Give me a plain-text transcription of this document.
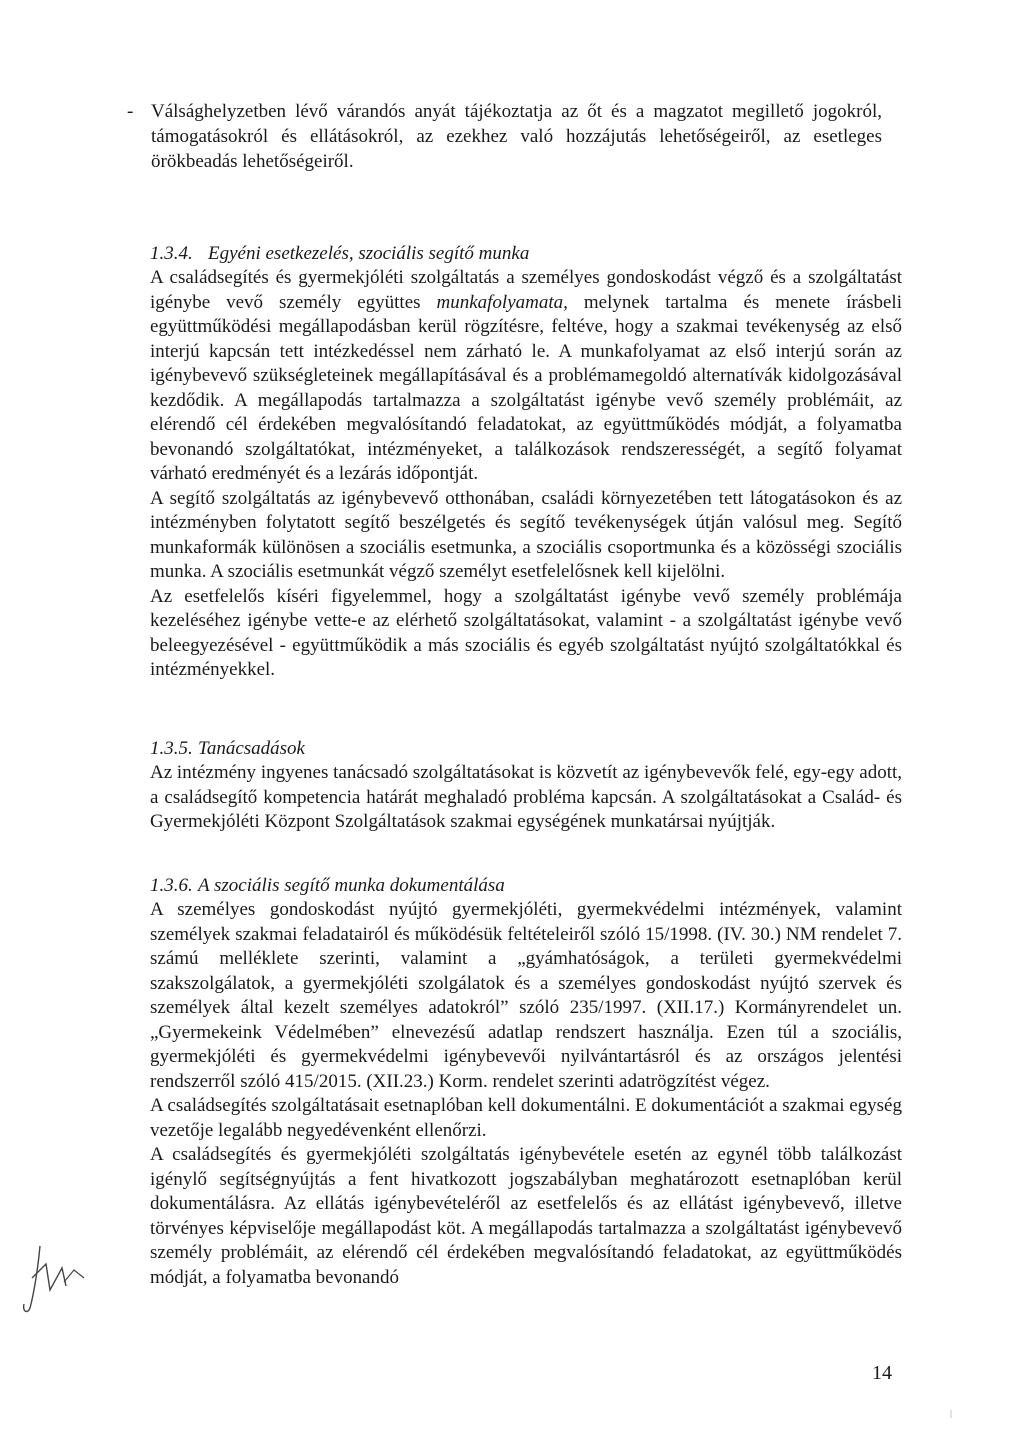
- Válsághelyzetben lévő várandós anyát tájékoztatja az őt és a magzatot megillető jogokról, támogatásokról és ellátásokról, az ezekhez való hozzájutás lehetőségeiről, az esetleges örökbeadás lehetőségeiről.
1.3.4. Egyéni esetkezelés, szociális segítő munka

A családsegítés és gyermekjóléti szolgáltatás a személyes gondoskodást végző és a szolgáltatást igénybe vevő személy együttes munkafolyamata, melynek tartalma és menete írásbeli együttműködési megállapodásban kerül rögzítésre, feltéve, hogy a szakmai tevékenység az első interjú kapcsán tett intézkedéssel nem zárható le. A munkafolyamat az első interjú során az igénybevevő szükségleteinek megállapításával és a problémamegoldó alternatívák kidolgozásával kezdődik. A megállapodás tartalmazza a szolgáltatást igénybe vevő személy problémáit, az elérendő cél érdekében megvalósítandó feladatokat, az együttműködés módját, a folyamatba bevonandó szolgáltatókat, intézményeket, a találkozások rendszerességét, a segítő folyamat várható eredményét és a lezárás időpontját.

A segítő szolgáltatás az igénybevevő otthonában, családi környezetében tett látogatásokon és az intézményben folytatott segítő beszélgetés és segítő tevékenységek útján valósul meg. Segítő munkaformák különösen a szociális esetmunka, a szociális csoportmunka és a közösségi szociális munka. A szociális esetmunkát végző személyt esetfelelősnek kell kijelölni.

Az esetfelelős kíséri figyelemmel, hogy a szolgáltatást igénybe vevő személy problémája kezeléséhez igénybe vette-e az elérhető szolgáltatásokat, valamint - a szolgáltatást igénybe vevő beleegyezésével - együttműködik a más szociális és egyéb szolgáltatást nyújtó szolgáltatókkal és intézményekkel.

1.3.5. Tanácsadások

Az intézmény ingyenes tanácsadó szolgáltatásokat is közvetít az igénybevevők felé, egy-egy adott, a családsegítő kompetencia határát meghaladó probléma kapcsán. A szolgáltatásokat a Család- és Gyermekjóléti Központ Szolgáltatások szakmai egységének munkatársai nyújtják.

1.3.6. A szociális segítő munka dokumentálása

A személyes gondoskodást nyújtó gyermekjóléti, gyermekvédelmi intézmények, valamint személyek szakmai feladatairól és működésük feltételeiről szóló 15/1998. (IV. 30.) NM rendelet 7. számú melléklete szerinti, valamint a „gyámhatóságok, a területi gyermekvédelmi szakszolgálatok, a gyermekjóléti szolgálatok és a személyes gondoskodást nyújtó szervek és személyek által kezelt személyes adatokról” szóló 235/1997. (XII.17.) Kormányrendelet un. „Gyermekeink Védelmében” elnevezésű adatlap rendszert használja. Ezen túl a szociális, gyermekjóléti és gyermekvédelmi igénybevevői nyilvántartásról és az országos jelentési rendszerről szóló 415/2015. (XII.23.) Korm. rendelet szerinti adatrögzítést végez.

A családsegítés szolgáltatásait esetnaplóban kell dokumentálni. E dokumentációt a szakmai egység vezetője legalább negyedévenként ellenőrzi.

A családsegítés és gyermekjóléti szolgáltatás igénybevétele esetén az egynél több találkozást igénylő segítségnyújtás a fent hivatkozott jogszabályban meghatározott esetnaplóban kerül dokumentálásra. Az ellátás igénybevételéről az esetfelelős és az ellátást igénybevevő, illetve törvényes képviselője megállapodást köt. A megállapodás tartalmazza a szolgáltatást igénybevevő személy problémáit, az elérendő cél érdekében megvalósítandó feladatokat, az együttműködés módját, a folyamatba bevonandó

14
